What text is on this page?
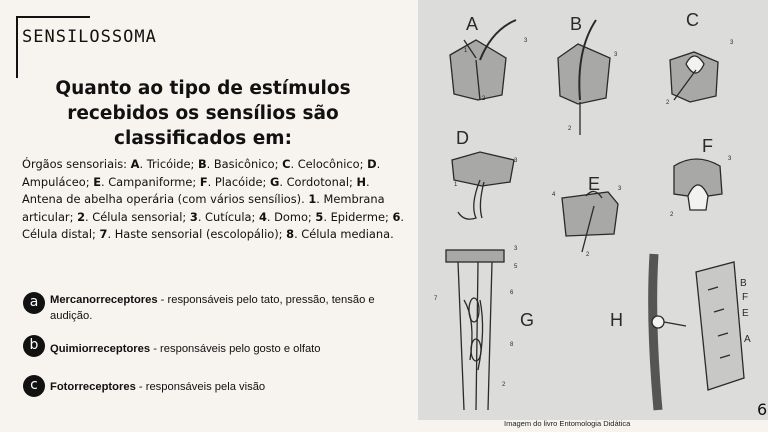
SENSILOSSOMA
Quanto ao tipo de estímulos recebidos os sensílios são classificados em:
Órgãos sensoriais: A. Tricóide; B. Basicônico; C. Celocônico; D. Ampuláceo; E. Campaniforme; F. Placóide; G. Cordotonal; H. Antena de abelha operária (com vários sensílios). 1. Membrana articular; 2. Célula sensorial; 3. Cutícula; 4. Domo; 5. Epiderme; 6. Célula distal; 7. Haste sensorial (escolopálio); 8. Célula mediana.
a	Mercanorreceptores - responsáveis pelo tato, pressão, tensão e audição.
b	Quimiorreceptores - responsáveis pelo gosto e olfato
c	Fotorreceptores - responsáveis pela visão
A	B	C
D
E
F
G	H
B
F
E
A
3
1
2
3
2
3
2
3
1
4
3
2
3
2
3
5
6
7
8
2
Imagem do livro Entomologia Didática
6
